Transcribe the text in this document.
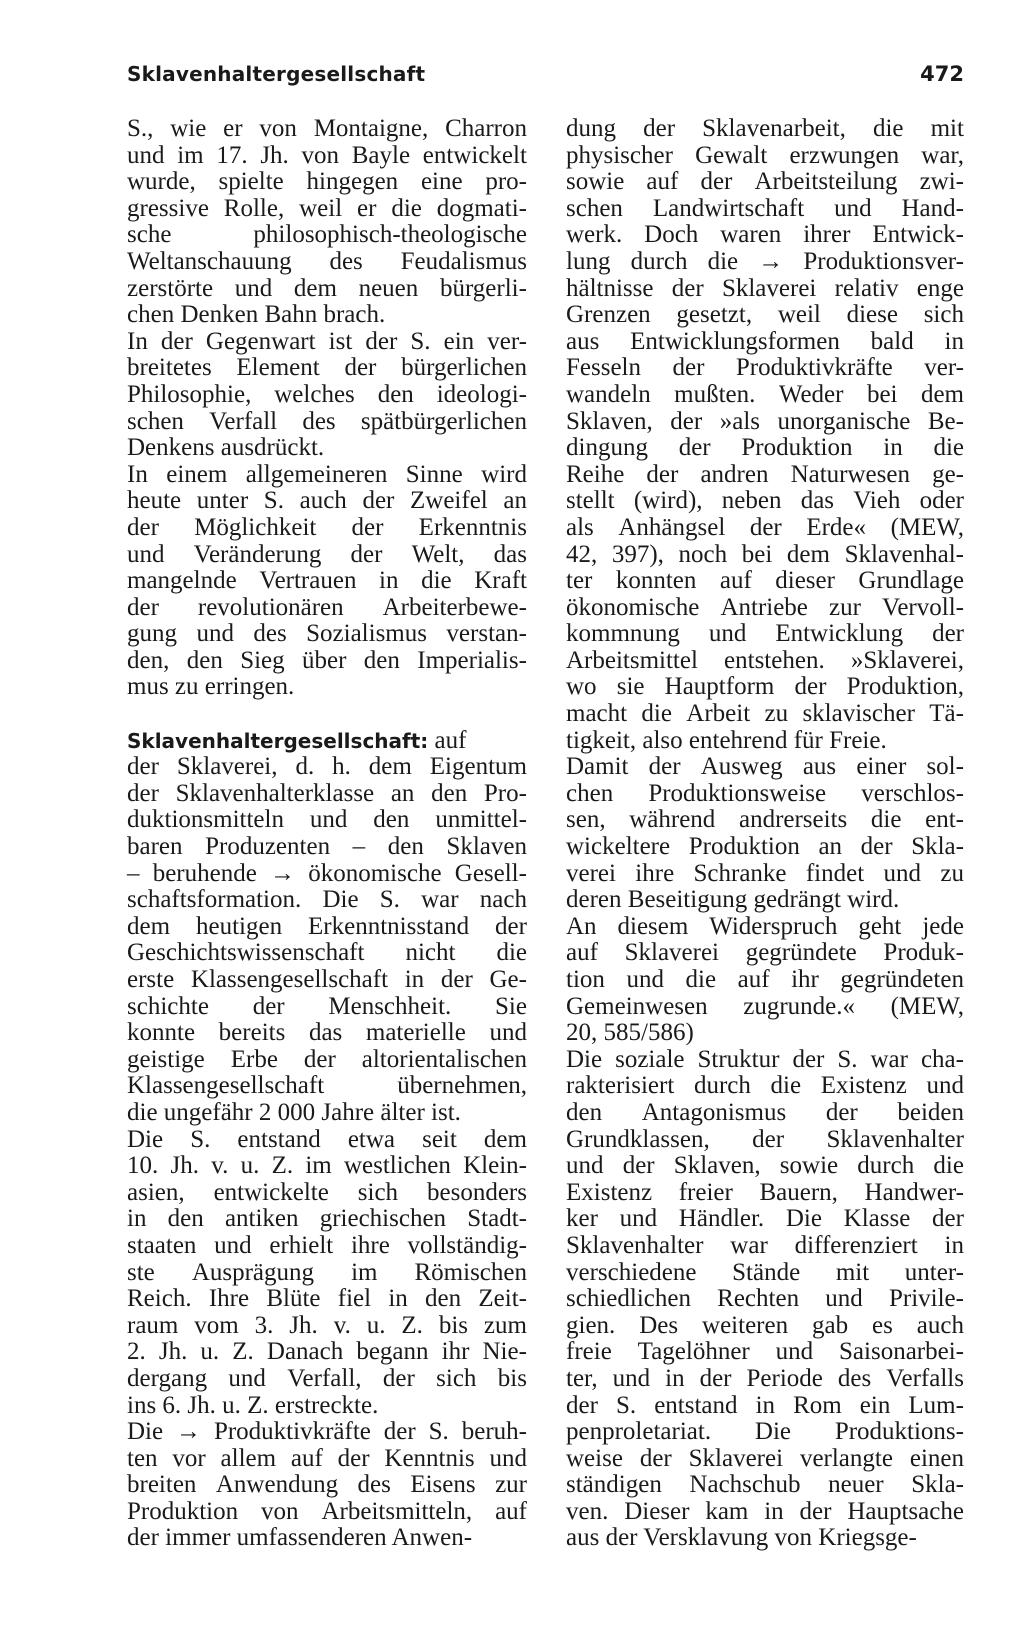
Sklavenhaltergesellschaft	472
S., wie er von Montaigne, Charron
und im 17. Jh. von Bayle entwickelt
wurde, spielte hingegen eine pro-
gressive Rolle, weil er die dogmati-
sche	philosophisch-theologische
Weltanschauung des Feudalismus
zerstörte und dem neuen bürgerli-
chen Denken Bahn brach.
In der Gegenwart ist der S. ein ver-
breitetes Element der bürgerlichen
Philosophie, welches den ideologi-
schen Verfall des spätbürgerlichen
Denkens ausdrückt.
In einem allgemeineren Sinne wird
heute unter S. auch der Zweifel an
der Möglichkeit der Erkenntnis
und Veränderung der Welt, das
mangelnde Vertrauen in die Kraft
der revolutionären Arbeiterbewe-
gung und des Sozialismus verstan-
den, den Sieg über den Imperialis-
mus zu erringen.
Sklavenhaltergesellschaft: auf
der Sklaverei, d. h. dem Eigentum
der Sklavenhalterklasse an den Pro-
duktionsmitteln und den unmittel-
baren Produzenten – den Sklaven
– beruhende → ökonomische Gesell-
schaftsformation. Die S. war nach
dem heutigen Erkenntnisstand der
Geschichtswissenschaft nicht die
erste Klassengesellschaft in der Ge-
schichte der Menschheit. Sie
konnte bereits das materielle und
geistige Erbe der altorientalischen
Klassengesellschaft	übernehmen,
die ungefähr 2 000 Jahre älter ist.
Die S. entstand etwa seit dem
10. Jh. v. u. Z. im westlichen Klein-
asien, entwickelte sich besonders
in den antiken griechischen Stadt-
staaten und erhielt ihre vollständig-
ste Ausprägung im Römischen
Reich. Ihre Blüte fiel in den Zeit-
raum vom 3. Jh. v. u. Z. bis zum
2. Jh. u. Z. Danach begann ihr Nie-
dergang und Verfall, der sich bis
ins 6. Jh. u. Z. erstreckte.
Die → Produktivkräfte der S. beruh-
ten vor allem auf der Kenntnis und
breiten Anwendung des Eisens zur
Produktion von Arbeitsmitteln, auf
der immer umfassenderen Anwen-
dung der Sklavenarbeit, die mit
physischer Gewalt erzwungen war,
sowie auf der Arbeitsteilung zwi-
schen Landwirtschaft und Hand-
werk. Doch waren ihrer Entwick-
lung durch die → Produktionsver-
hältnisse der Sklaverei relativ enge
Grenzen gesetzt, weil diese sich
aus Entwicklungsformen bald in
Fesseln der Produktivkräfte ver-
wandeln mußten. Weder bei dem
Sklaven, der »als unorganische Be-
dingung der Produktion in die
Reihe der andren Naturwesen ge-
stellt (wird), neben das Vieh oder
als Anhängsel der Erde« (MEW,
42, 397), noch bei dem Sklavenhal-
ter konnten auf dieser Grundlage
ökonomische Antriebe zur Vervoll-
kommnung und Entwicklung der
Arbeitsmittel entstehen. »Sklaverei,
wo sie Hauptform der Produktion,
macht die Arbeit zu sklavischer Tä-
tigkeit, also entehrend für Freie.
Damit der Ausweg aus einer sol-
chen Produktionsweise verschlos-
sen, während andrerseits die ent-
wickeltere Produktion an der Skla-
verei ihre Schranke findet und zu
deren Beseitigung gedrängt wird.
An diesem Widerspruch geht jede
auf Sklaverei gegründete Produk-
tion und die auf ihr gegründeten
Gemeinwesen zugrunde.« (MEW,
20, 585/586)
Die soziale Struktur der S. war cha-
rakterisiert durch die Existenz und
den Antagonismus der beiden
Grundklassen, der Sklavenhalter
und der Sklaven, sowie durch die
Existenz freier Bauern, Handwer-
ker und Händler. Die Klasse der
Sklavenhalter war differenziert in
verschiedene Stände mit unter-
schiedlichen Rechten und Privile-
gien. Des weiteren gab es auch
freie Tagelöhner und Saisonarbei-
ter, und in der Periode des Verfalls
der S. entstand in Rom ein Lum-
penproletariat. Die Produktions-
weise der Sklaverei verlangte einen
ständigen Nachschub neuer Skla-
ven. Dieser kam in der Hauptsache
aus der Versklavung von Kriegsge-
